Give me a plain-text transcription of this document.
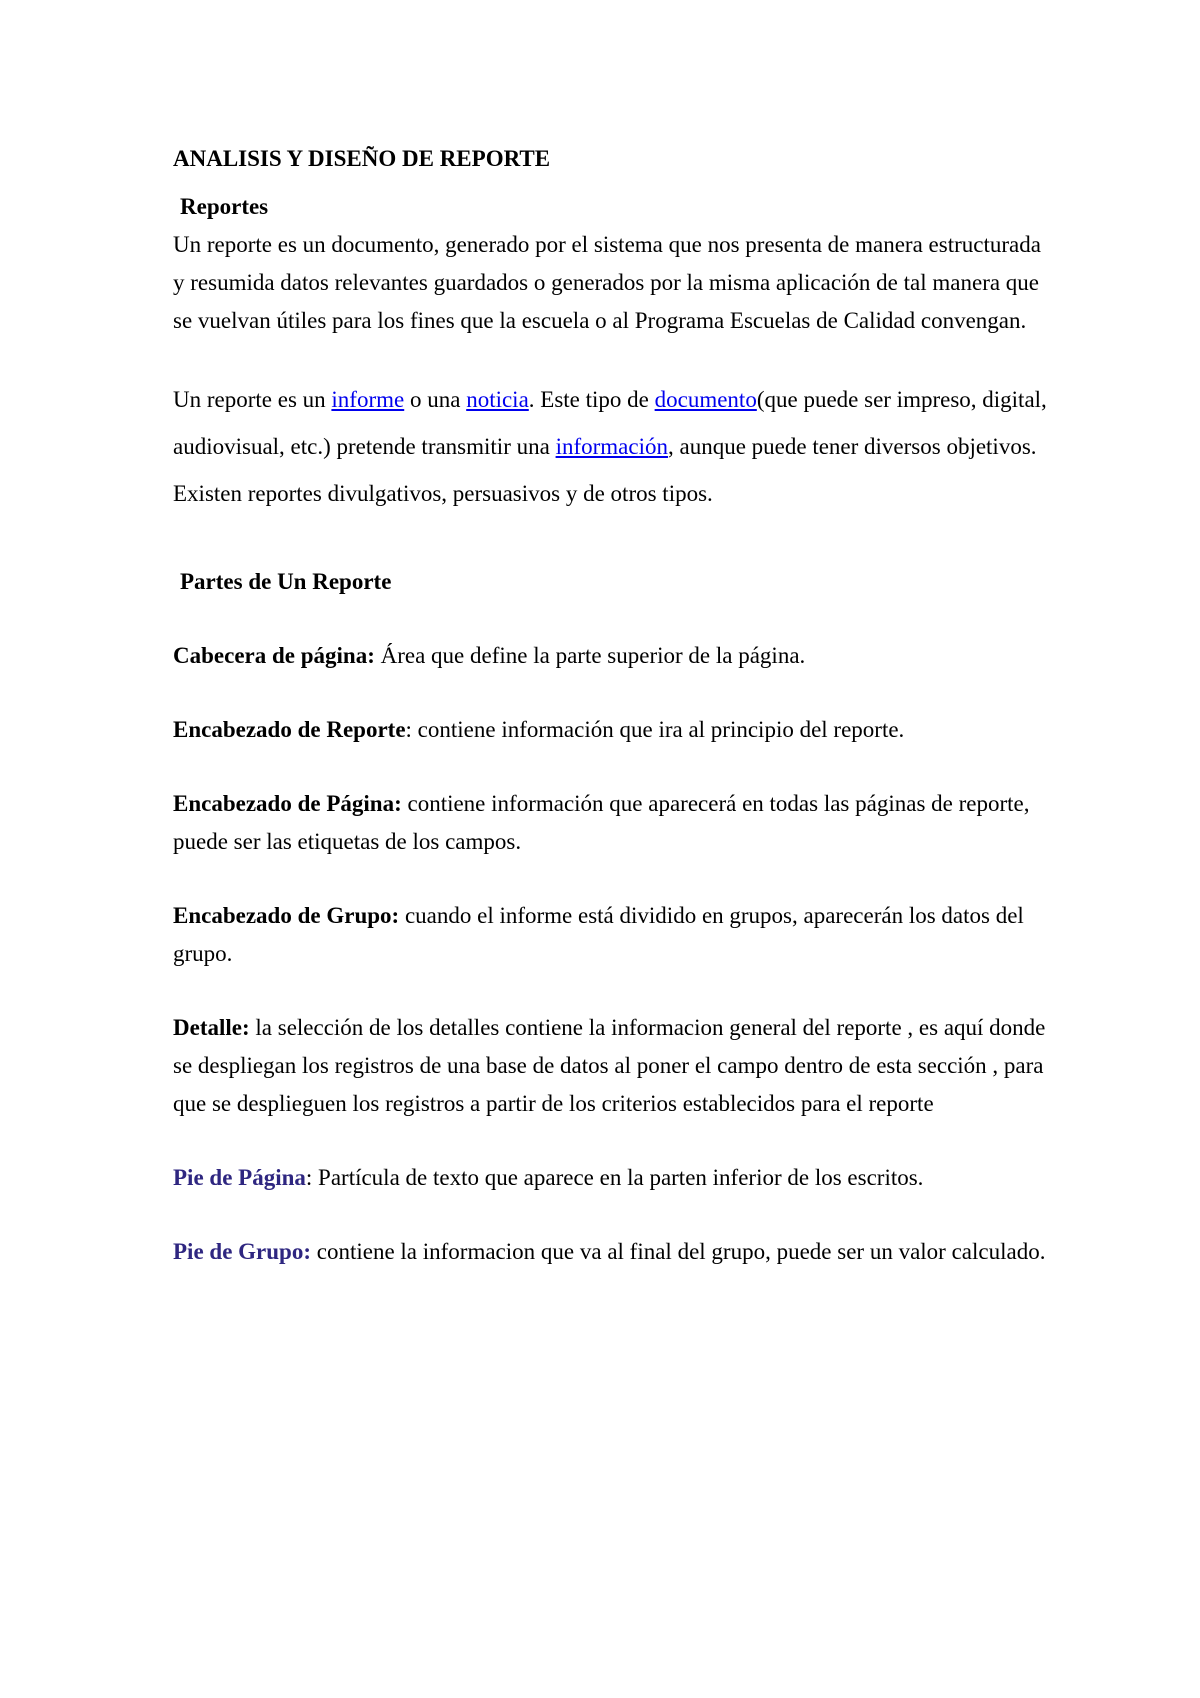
ANALISIS Y DISEÑO DE REPORTE

Reportes

Un reporte es un documento, generado por el sistema que nos presenta de manera estructurada y resumida datos relevantes guardados o generados por la misma aplicación de tal manera que se vuelvan útiles para los fines que la escuela o al Programa Escuelas de Calidad convengan.

Un reporte es un informe o una noticia. Este tipo de documento(que puede ser impreso, digital, audiovisual, etc.) pretende transmitir una información, aunque puede tener diversos objetivos. Existen reportes divulgativos, persuasivos y de otros tipos.

Partes de Un Reporte

Cabecera de página: Área que define la parte superior de la página.

Encabezado de Reporte: contiene información que ira al principio del reporte.

Encabezado de Página: contiene información que aparecerá en todas las páginas de reporte, puede ser las etiquetas de los campos.

Encabezado de Grupo: cuando el informe está dividido en grupos, aparecerán los datos del grupo.

Detalle: la selección de los detalles contiene la informacion general del reporte , es aquí donde se despliegan los registros de una base de datos al poner el campo dentro de esta sección , para que se desplieguen los registros a partir de los criterios establecidos para el reporte

Pie de Página: Partícula de texto que aparece en la parten inferior de los escritos.

Pie de Grupo: contiene la informacion que va al final del grupo, puede ser un valor calculado.
